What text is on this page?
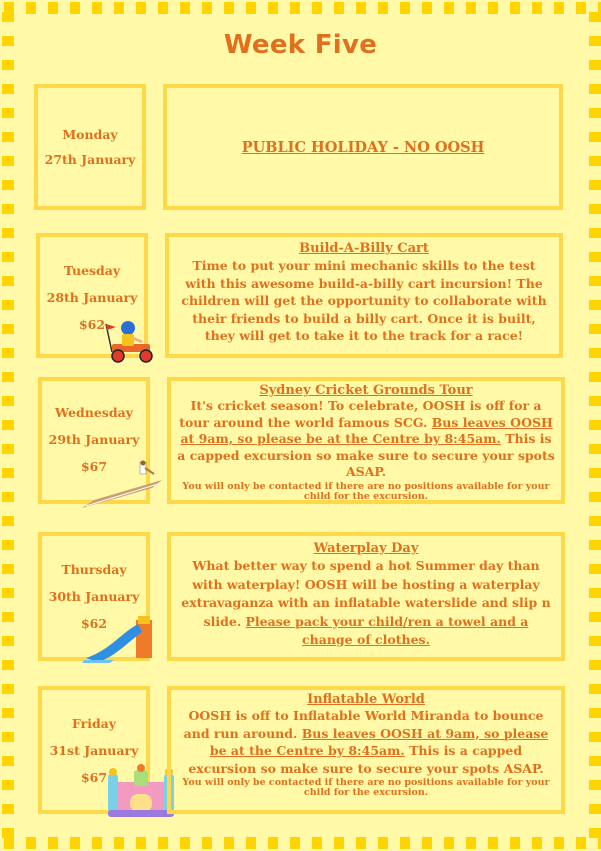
Week Five

Monday

27th January

PUBLIC HOLIDAY - NO OOSH

Tuesday

28th January

$62

Build-A-Billy Cart

Time to put your mini mechanic skills to the test with this awesome build-a-billy cart incursion! The children will get the opportunity to collaborate with their friends to build a billy cart. Once it is built, they will get to take it to the track for a race!

Wednesday

29th January

$67

Sydney Cricket Grounds Tour

It's cricket season! To celebrate, OOSH is off for a tour around the world famous SCG. Bus leaves OOSH at 9am, so please be at the Centre by 8:45am. This is a capped excursion so make sure to secure your spots ASAP.

You will only be contacted if there are no positions available for your child for the excursion.

Thursday

30th January

$62

Waterplay Day

What better way to spend a hot Summer day than with waterplay! OOSH will be hosting a waterplay extravaganza with an inflatable waterslide and slip n slide. Please pack your child/ren a towel and a change of clothes.

Friday

31st January

$67

Inflatable World

OOSH is off to Inflatable World Miranda to bounce and run around. Bus leaves OOSH at 9am, so please be at the Centre by 8:45am. This is a capped excursion so make sure to secure your spots ASAP.

You will only be contacted if there are no positions available for your child for the excursion.
